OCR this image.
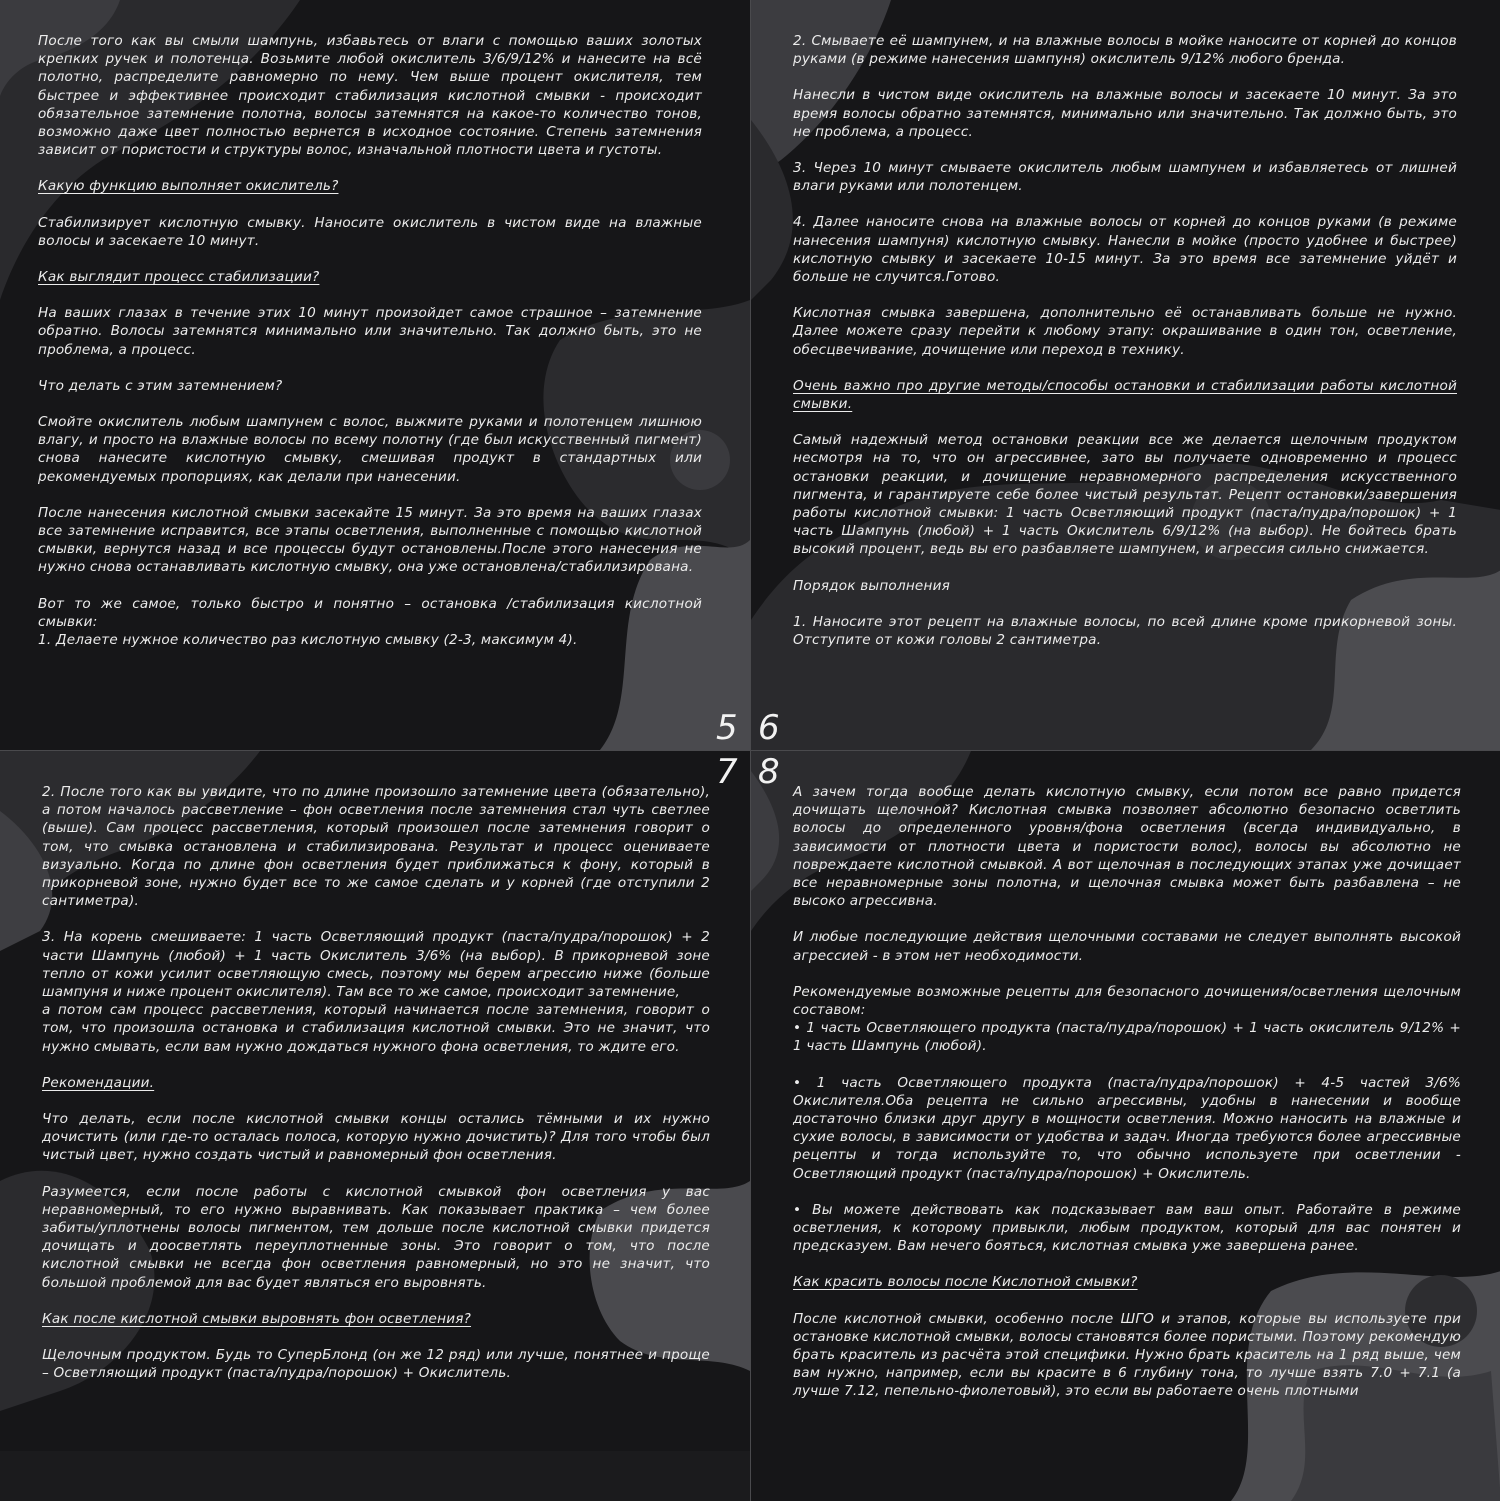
После того как вы смыли шампунь, избавьтесь от влаги с помощью ваших золотых крепких ручек и полотенца. Возьмите любой окислитель 3/6/9/12% и нанесите на всё полотно, распределите равномерно по нему. Чем выше процент окислителя, тем быстрее и эффективнее происходит стабилизация кислотной смывки - происходит обязательное затемнение полотна, волосы затемнятся на какое-то количество тонов, возможно даже цвет полностью вернется в исходное состояние. Степень затемнения зависит от пористости и структуры волос, изначальной плотности цвета и густоты.

Какую функцию выполняет окислитель?

Стабилизирует кислотную смывку. Наносите окислитель в чистом виде на влажные волосы и засекаете 10 минут.

Как выглядит процесс стабилизации?

На ваших глазах в течение этих 10 минут произойдет самое страшное – затемнение обратно. Волосы затемнятся минимально или значительно. Так должно быть, это не проблема, а процесс.

Что делать с этим затемнением?

Смойте окислитель любым шампунем с волос, выжмите руками и полотенцем лишнюю влагу, и просто на влажные волосы по всему полотну (где был искусственный пигмент) снова нанесите кислотную смывку, смешивая продукт в стандартных или рекомендуемых пропорциях, как делали при нанесении.

После нанесения кислотной смывки засекайте 15 минут. За это время на ваших глазах все затемнение исправится, все этапы осветления, выполненные с помощью кислотной смывки, вернутся назад и все процессы будут остановлены.После этого нанесения не нужно снова останавливать кислотную смывку, она уже остановлена/стабилизирована.

Вот то же самое, только быстро и понятно – остановка /стабилизация кислотной смывки:

1. Делаете нужное количество раз кислотную смывку (2-3, максимум 4).

2. Смываете её шампунем, и на влажные волосы в мойке наносите от корней до концов руками (в режиме нанесения шампуня) окислитель 9/12% любого бренда.

Нанесли в чистом виде окислитель на влажные волосы и засекаете 10 минут. За это время волосы обратно затемнятся, минимально или значительно. Так должно быть, это не проблема, а процесс.

3. Через 10 минут смываете окислитель любым шампунем и избавляетесь от лишней влаги руками или полотенцем.

4. Далее наносите снова на влажные волосы от корней до концов руками (в режиме нанесения шампуня) кислотную смывку. Нанесли в мойке (просто удобнее и быстрее) кислотную смывку и засекаете 10-15 минут. За это время все затемнение уйдёт и больше не случится.Готово.

Кислотная смывка завершена, дополнительно её останавливать больше не нужно. Далее можете сразу перейти к любому этапу: окрашивание в один тон, осветление, обесцвечивание, дочищение или переход в технику.

Очень важно про другие методы/способы остановки и стабилизации работы кислотной смывки.

Самый надежный метод остановки реакции все же делается щелочным продуктом несмотря на то, что он агрессивнее, зато вы получаете одновременно и процесс остановки реакции, и дочищение неравномерного распределения искусственного пигмента, и гарантируете себе более чистый результат. Рецепт остановки/завершения работы кислотной смывки: 1 часть Осветляющий продукт (паста/пудра/порошок) + 1 часть Шампунь (любой) + 1 часть Окислитель 6/9/12% (на выбор). Не бойтесь брать высокий процент, ведь вы его разбавляете шампунем, и агрессия сильно снижается.

Порядок выполнения

1. Наносите этот рецепт на влажные волосы, по всей длине кроме прикорневой зоны. Отступите от кожи головы 2 сантиметра.

2. После того как вы увидите, что по длине произошло затемнение цвета (обязательно), а потом началось рассветление – фон осветления после затемнения стал чуть светлее (выше). Сам процесс рассветления, который произошел после затемнения говорит о том, что смывка остановлена и стабилизирована. Результат и процесс оцениваете визуально. Когда по длине фон осветления будет приближаться к фону, который в прикорневой зоне, нужно будет все то же самое сделать и у корней (где отступили 2 сантиметра).

3. На корень смешиваете: 1 часть Осветляющий продукт (паста/пудра/порошок) + 2 части Шампунь (любой) + 1 часть Окислитель 3/6% (на выбор). В прикорневой зоне тепло от кожи усилит осветляющую смесь, поэтому мы берем агрессию ниже (больше шампуня и ниже процент окислителя). Там все то же самое, происходит затемнение,

а потом сам процесс рассветления, который начинается после затемнения, говорит о том, что произошла остановка и стабилизация кислотной смывки. Это не значит, что нужно смывать, если вам нужно дождаться нужного фона осветления, то ждите его.

Рекомендации.

Что делать, если после кислотной смывки концы остались тёмными и их нужно дочистить (или где-то осталась полоса, которую нужно дочистить)? Для того чтобы был чистый цвет, нужно создать чистый и равномерный фон осветления.

Разумеется, если после работы с кислотной смывкой фон осветления у вас неравномерный, то его нужно выравнивать. Как показывает практика – чем более забиты/уплотнены волосы пигментом, тем дольше после кислотной смывки придется дочищать и доосветлять переуплотненные зоны. Это говорит о том, что после кислотной смывки не всегда фон осветления равномерный, но это не значит, что большой проблемой для вас будет являться его выровнять.

Как после кислотной смывки выровнять фон осветления?

Щелочным продуктом. Будь то СуперБлонд (он же 12 ряд) или лучше, понятнее и проще – Осветляющий продукт (паста/пудра/порошок) + Окислитель.

А зачем тогда вообще делать кислотную смывку, если потом все равно придется дочищать щелочной? Кислотная смывка позволяет абсолютно безопасно осветлить волосы до определенного уровня/фона осветления (всегда индивидуально, в зависимости от плотности цвета и пористости волос), волосы вы абсолютно не повреждаете кислотной смывкой. А вот щелочная в последующих этапах уже дочищает все неравномерные зоны полотна, и щелочная смывка может быть разбавлена – не высоко агрессивна.

И любые последующие действия щелочными составами не следует выполнять высокой агрессией - в этом нет необходимости.

Рекомендуемые возможные рецепты для безопасного дочищения/осветления щелочным составом:

• 1 часть Осветляющего продукта (паста/пудра/порошок) + 1 часть окислитель 9/12% + 1 часть Шампунь (любой).

• 1 часть Осветляющего продукта (паста/пудра/порошок) + 4-5 частей 3/6% Окислителя.Оба рецепта не сильно агрессивны, удобны в нанесении и вообще достаточно близки друг другу в мощности осветления. Можно наносить на влажные и сухие волосы, в зависимости от удобства и задач. Иногда требуются более агрессивные рецепты и тогда используйте то, что обычно используете при осветлении - Осветляющий продукт (паста/пудра/порошок) + Окислитель.

• Вы можете действовать как подсказывает вам ваш опыт. Работайте в режиме осветления, к которому привыкли, любым продуктом, который для вас понятен и предсказуем. Вам нечего бояться, кислотная смывка уже завершена ранее.

Как красить волосы после Кислотной смывки?

После кислотной смывки, особенно после ШГО и этапов, которые вы используете при остановке кислотной смывки, волосы становятся более пористыми. Поэтому рекомендую брать краситель из расчёта этой специфики. Нужно брать краситель на 1 ряд выше, чем вам нужно, например, если вы красите в 6 глубину тона, то лучше взять 7.0 + 7.1 (а лучше 7.12, пепельно-фиолетовый), это если вы работаете очень плотными

5 6
7 8
